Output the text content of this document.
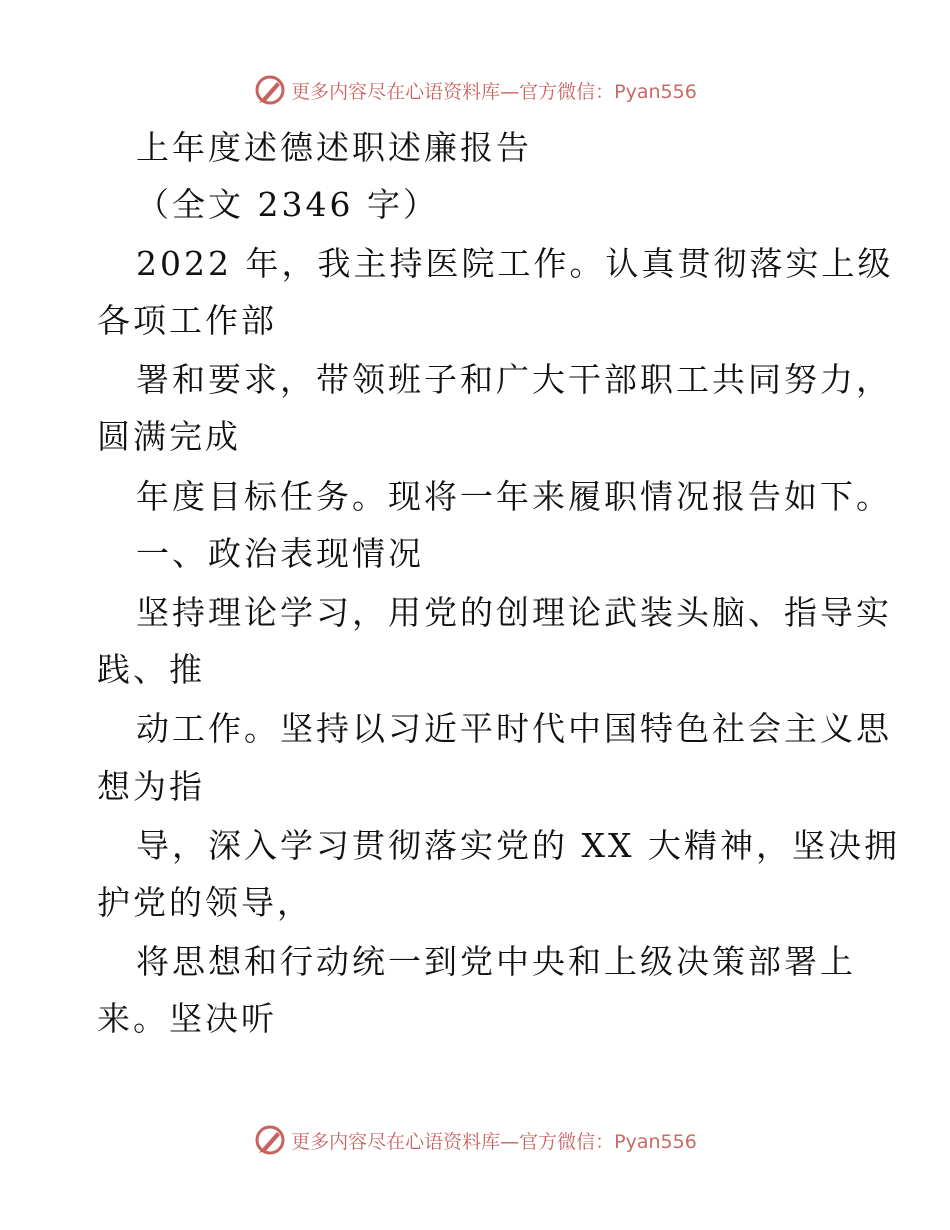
更多内容尽在心语资料库—官方微信：Pyan556
上年度述德述职述廉报告
（全文 2346 字）
2022 年，我主持医院工作。认真贯彻落实上级
各项工作部
署和要求，带领班子和广大干部职工共同努力，
圆满完成
年度目标任务。现将一年来履职情况报告如下。
一、政治表现情况
坚持理论学习，用党的创理论武装头脑、指导实
践、推
动工作。坚持以习近平时代中国特色社会主义思
想为指
导，深入学习贯彻落实党的 XX 大精神，坚决拥
护党的领导，
将思想和行动统一到党中央和上级决策部署上
来。坚决听
更多内容尽在心语资料库—官方微信：Pyan556
